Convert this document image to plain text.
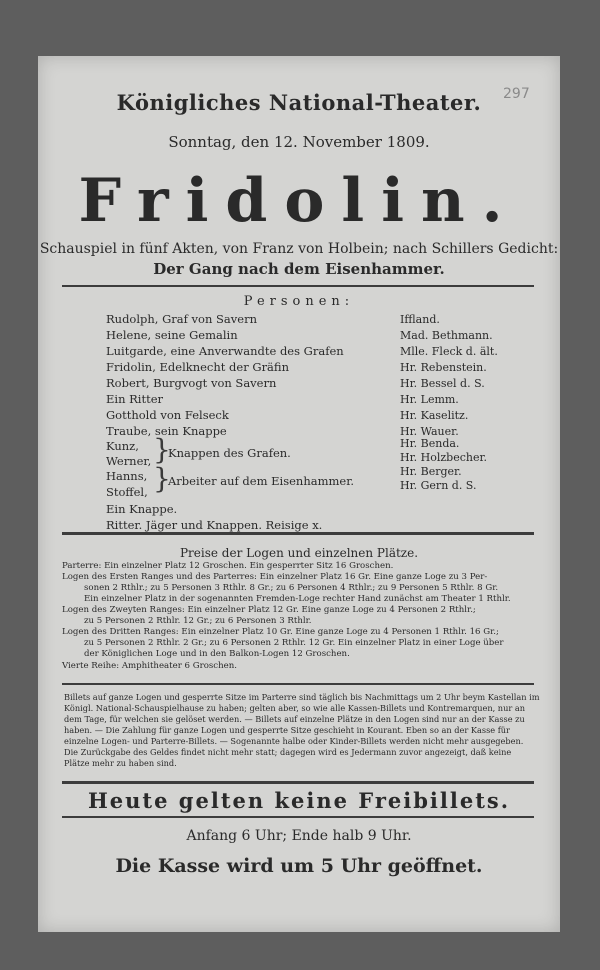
297
Königliches National-Theater.
Sonntag, den 12. November 1809.
Fridolin.
Schauspiel in fünf Akten, von Franz von Holbein; nach Schillers Gedicht:
Der Gang nach dem Eisenhammer.
Personen:
Rudolph, Graf von Savern	Iffland.
Helene, seine Gemalin	Mad. Bethmann.
Luitgarde, eine Anverwandte des Grafen	Mlle. Fleck d. ält.
Fridolin, Edelknecht der Gräfin	Hr. Rebenstein.
Robert, Burgvogt von Savern	Hr. Bessel d. S.
Ein Ritter	Hr. Lemm.
Gotthold von Felseck	Hr. Kaselitz.
Traube, sein Knappe	Hr. Wauer.
Kunz,	Hr. Benda.
Werner,	Hr. Holzbecher.
}
Knappen des Grafen.
Hanns,	Hr. Berger.
Stoffel,	Hr. Gern d. S.
}
Arbeiter auf dem Eisenhammer.
Ein Knappe.
Ritter. Jäger und Knappen. Reisige x.
Preise der Logen und einzelnen Plätze.
Parterre: Ein einzelner Platz 12 Groschen. Ein gesperrter Sitz 16 Groschen.
Logen des Ersten Ranges und des Parterres: Ein einzelner Platz 16 Gr. Eine ganze Loge zu 3 Per-
sonen 2 Rthlr.; zu 5 Personen 3 Rthlr. 8 Gr.; zu 6 Personen 4 Rthlr.; zu 9 Personen 5 Rthlr. 8 Gr.
Ein einzelner Platz in der sogenannten Fremden-Loge rechter Hand zunächst am Theater 1 Rthlr.
Logen des Zweyten Ranges: Ein einzelner Platz 12 Gr. Eine ganze Loge zu 4 Personen 2 Rthlr.;
zu 5 Personen 2 Rthlr. 12 Gr.; zu 6 Personen 3 Rthlr.
Logen des Dritten Ranges: Ein einzelner Platz 10 Gr. Eine ganze Loge zu 4 Personen 1 Rthlr. 16 Gr.;
zu 5 Personen 2 Rthlr. 2 Gr.; zu 6 Personen 2 Rthlr. 12 Gr. Ein einzelner Platz in einer Loge über
der Königlichen Loge und in den Balkon-Logen 12 Groschen.
Vierte Reihe: Amphitheater 6 Groschen.
Billets auf ganze Logen und gesperrte Sitze im Parterre sind täglich bis Nachmittags um 2 Uhr beym Kastellan im
Königl. National-Schauspielhause zu haben; gelten aber, so wie alle Kassen-Billets und Kontremarquen, nur an
dem Tage, für welchen sie gelöset werden. — Billets auf einzelne Plätze in den Logen sind nur an der Kasse zu
haben. — Die Zahlung für ganze Logen und gesperrte Sitze geschieht in Kourant. Eben so an der Kasse für
einzelne Logen- und Parterre-Billets. — Sogenannte halbe oder Kinder-Billets werden nicht mehr ausgegeben.
Die Zurückgabe des Geldes findet nicht mehr statt; dagegen wird es Jedermann zuvor angezeigt, daß keine
Plätze mehr zu haben sind.
Heute gelten keine Freibillets.
Anfang 6 Uhr; Ende halb 9 Uhr.
Die Kasse wird um 5 Uhr geöffnet.
